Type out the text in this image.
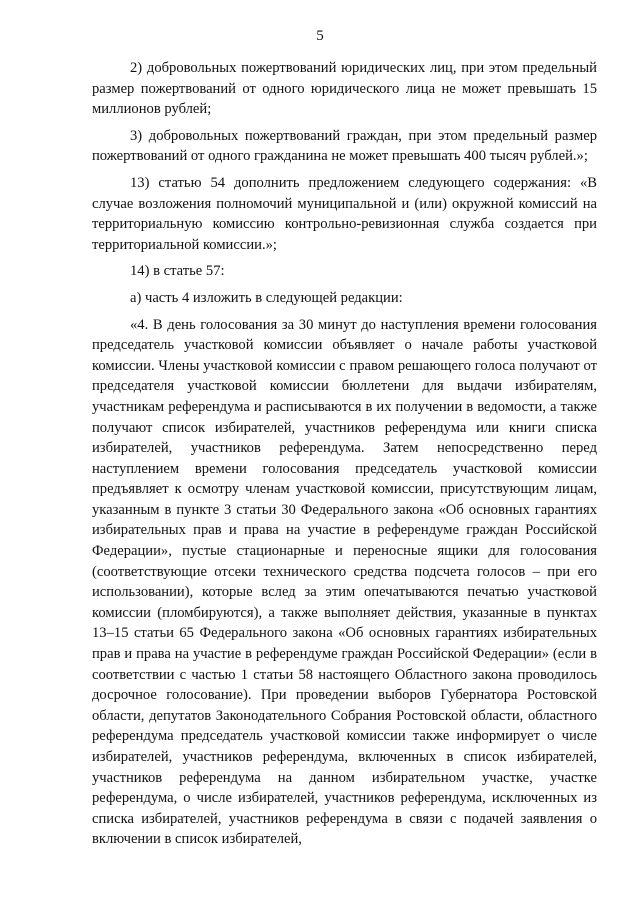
5

2) добровольных пожертвований юридических лиц, при этом предельный размер пожертвований от одного юридического лица не может превышать 15 миллионов рублей;

3) добровольных пожертвований граждан, при этом предельный размер пожертвований от одного гражданина не может превышать 400 тысяч рублей.»;

13) статью 54 дополнить предложением следующего содержания: «В случае возложения полномочий муниципальной и (или) окружной комиссий на территориальную комиссию контрольно-ревизионная служба создается при территориальной комиссии.»;

14) в статье 57:

а) часть 4 изложить в следующей редакции:

«4. В день голосования за 30 минут до наступления времени голосования председатель участковой комиссии объявляет о начале работы участковой комиссии. Члены участковой комиссии с правом решающего голоса получают от председателя участковой комиссии бюллетени для выдачи избирателям, участникам референдума и расписываются в их получении в ведомости, а также получают список избирателей, участников референдума или книги списка избирателей, участников референдума. Затем непосредственно перед наступлением времени голосования председатель участковой комиссии предъявляет к осмотру членам участковой комиссии, присутствующим лицам, указанным в пункте 3 статьи 30 Федерального закона «Об основных гарантиях избирательных прав и права на участие в референдуме граждан Российской Федерации», пустые стационарные и переносные ящики для голосования (соответствующие отсеки технического средства подсчета голосов – при его использовании), которые вслед за этим опечатываются печатью участковой комиссии (пломбируются), а также выполняет действия, указанные в пунктах 13–15 статьи 65 Федерального закона «Об основных гарантиях избирательных прав и права на участие в референдуме граждан Российской Федерации» (если в соответствии с частью 1 статьи 58 настоящего Областного закона проводилось досрочное голосование). При проведении выборов Губернатора Ростовской области, депутатов Законодательного Собрания Ростовской области, областного референдума председатель участковой комиссии также информирует о числе избирателей, участников референдума, включенных в список избирателей, участников референдума на данном избирательном участке, участке референдума, о числе избирателей, участников референдума, исключенных из списка избирателей, участников референдума в связи с подачей заявления о включении в список избирателей,
